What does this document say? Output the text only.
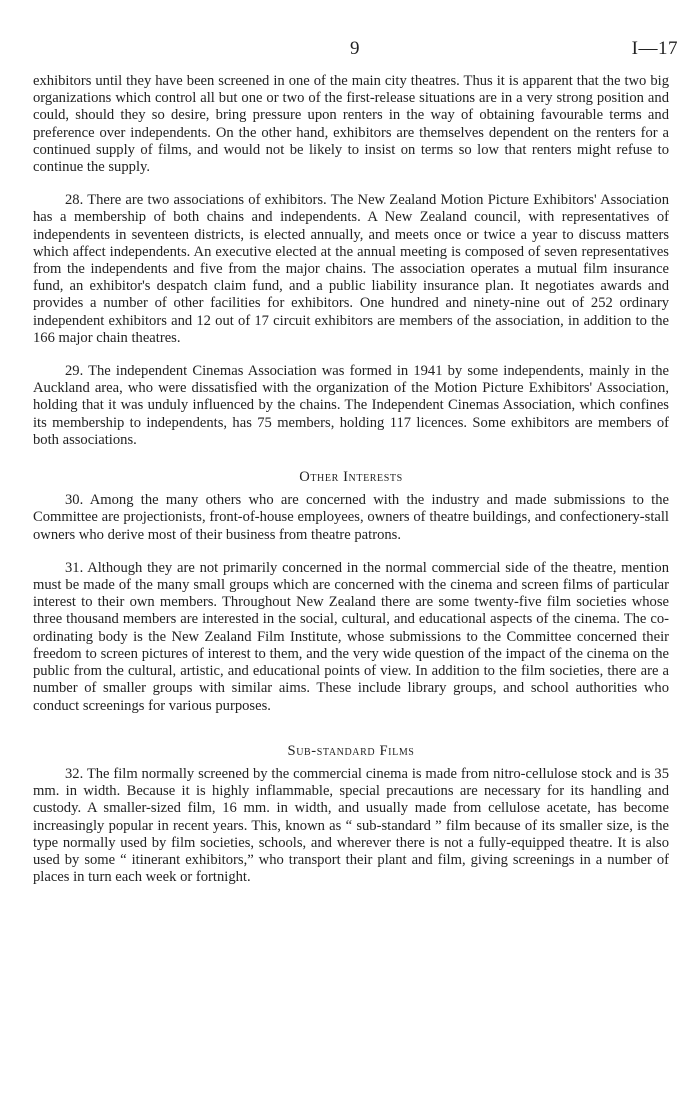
9	I—17

exhibitors until they have been screened in one of the main city theatres. Thus it is apparent that the two big organizations which control all but one or two of the first-release situations are in a very strong position and could, should they so desire, bring pressure upon renters in the way of obtaining favourable terms and preference over independents. On the other hand, exhibitors are themselves dependent on the renters for a continued supply of films, and would not be likely to insist on terms so low that renters might refuse to continue the supply.

28. There are two associations of exhibitors. The New Zealand Motion Picture Exhibitors' Association has a membership of both chains and independents. A New Zealand council, with representatives of independents in seventeen districts, is elected annually, and meets once or twice a year to discuss matters which affect independents. An executive elected at the annual meeting is composed of seven representatives from the independents and five from the major chains. The association operates a mutual film insurance fund, an exhibitor's despatch claim fund, and a public liability insurance plan. It negotiates awards and provides a number of other facilities for exhibitors. One hundred and ninety-nine out of 252 ordinary independent exhibitors and 12 out of 17 circuit exhibitors are members of the association, in addition to the 166 major chain theatres.

29. The independent Cinemas Association was formed in 1941 by some independents, mainly in the Auckland area, who were dissatisfied with the organization of the Motion Picture Exhibitors' Association, holding that it was unduly influenced by the chains. The Independent Cinemas Association, which confines its membership to independents, has 75 members, holding 117 licences. Some exhibitors are members of both associations.

Other Interests

30. Among the many others who are concerned with the industry and made submissions to the Committee are projectionists, front-of-house employees, owners of theatre buildings, and confectionery-stall owners who derive most of their business from theatre patrons.

31. Although they are not primarily concerned in the normal commercial side of the theatre, mention must be made of the many small groups which are concerned with the cinema and screen films of particular interest to their own members. Throughout New Zealand there are some twenty-five film societies whose three thousand members are interested in the social, cultural, and educational aspects of the cinema. The co-ordinating body is the New Zealand Film Institute, whose submissions to the Committee concerned their freedom to screen pictures of interest to them, and the very wide question of the impact of the cinema on the public from the cultural, artistic, and educational points of view. In addition to the film societies, there are a number of smaller groups with similar aims. These include library groups, and school authorities who conduct screenings for various purposes.

Sub-standard Films

32. The film normally screened by the commercial cinema is made from nitro-cellulose stock and is 35 mm. in width. Because it is highly inflammable, special precautions are necessary for its handling and custody. A smaller-sized film, 16 mm. in width, and usually made from cellulose acetate, has become increasingly popular in recent years. This, known as “ sub-standard ” film because of its smaller size, is the type normally used by film societies, schools, and wherever there is not a fully-equipped theatre. It is also used by some “ itinerant exhibitors,” who transport their plant and film, giving screenings in a number of places in turn each week or fortnight.
